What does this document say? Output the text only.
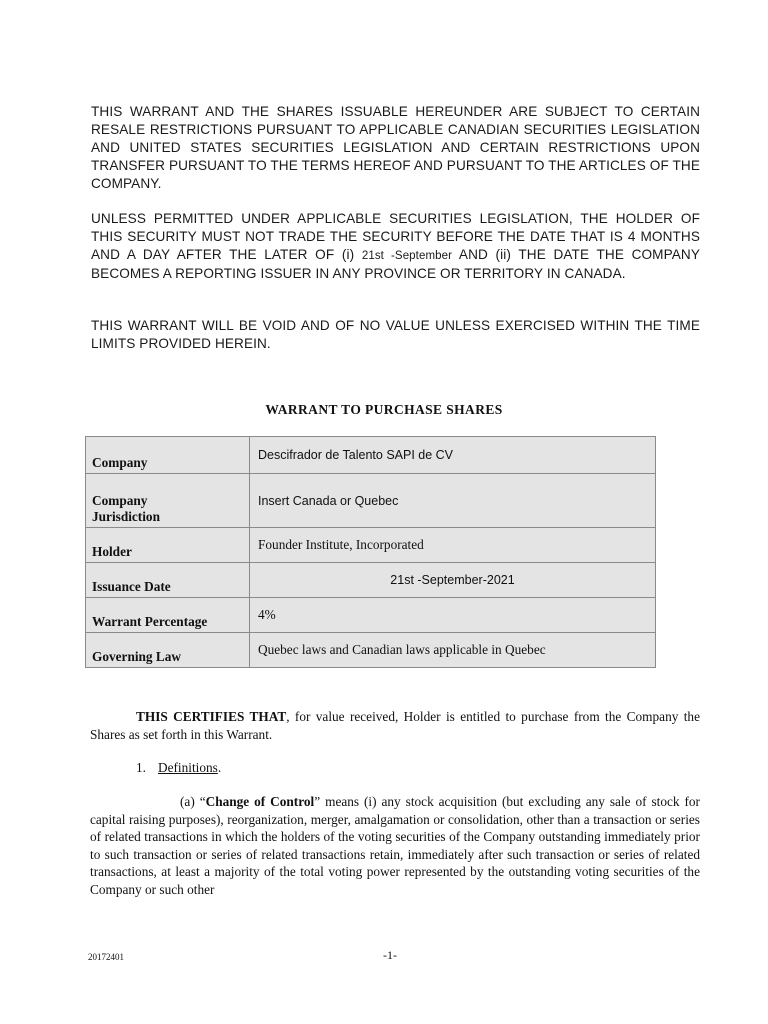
THIS WARRANT AND THE SHARES ISSUABLE HEREUNDER ARE SUBJECT TO CERTAIN RESALE RESTRICTIONS PURSUANT TO APPLICABLE CANADIAN SECURITIES LEGISLATION AND UNITED STATES SECURITIES LEGISLATION AND CERTAIN RESTRICTIONS UPON TRANSFER PURSUANT TO THE TERMS HEREOF AND PURSUANT TO THE ARTICLES OF THE COMPANY.
UNLESS PERMITTED UNDER APPLICABLE SECURITIES LEGISLATION, THE HOLDER OF THIS SECURITY MUST NOT TRADE THE SECURITY BEFORE THE DATE THAT IS 4 MONTHS AND A DAY AFTER THE LATER OF (i) 21st -September AND (ii) THE DATE THE COMPANY BECOMES A REPORTING ISSUER IN ANY PROVINCE OR TERRITORY IN CANADA.
THIS WARRANT WILL BE VOID AND OF NO VALUE UNLESS EXERCISED WITHIN THE TIME LIMITS PROVIDED HEREIN.
WARRANT TO PURCHASE SHARES
Company	Descifrador de Talento SAPI de CV
Company
Jurisdiction	Insert Canada or Quebec
Holder	Founder Institute, Incorporated
Issuance Date	21st -September-2021
Warrant Percentage	4%
Governing Law	Quebec laws and Canadian laws applicable in Quebec
THIS CERTIFIES THAT, for value received, Holder is entitled to purchase from the Company the Shares as set forth in this Warrant.
1. Definitions.
(a) “Change of Control” means (i) any stock acquisition (but excluding any sale of stock for capital raising purposes), reorganization, merger, amalgamation or consolidation, other than a transaction or series of related transactions in which the holders of the voting securities of the Company outstanding immediately prior to such transaction or series of related transactions retain, immediately after such transaction or series of related transactions, at least a majority of the total voting power represented by the outstanding voting securities of the Company or such other
20172401	-1-
